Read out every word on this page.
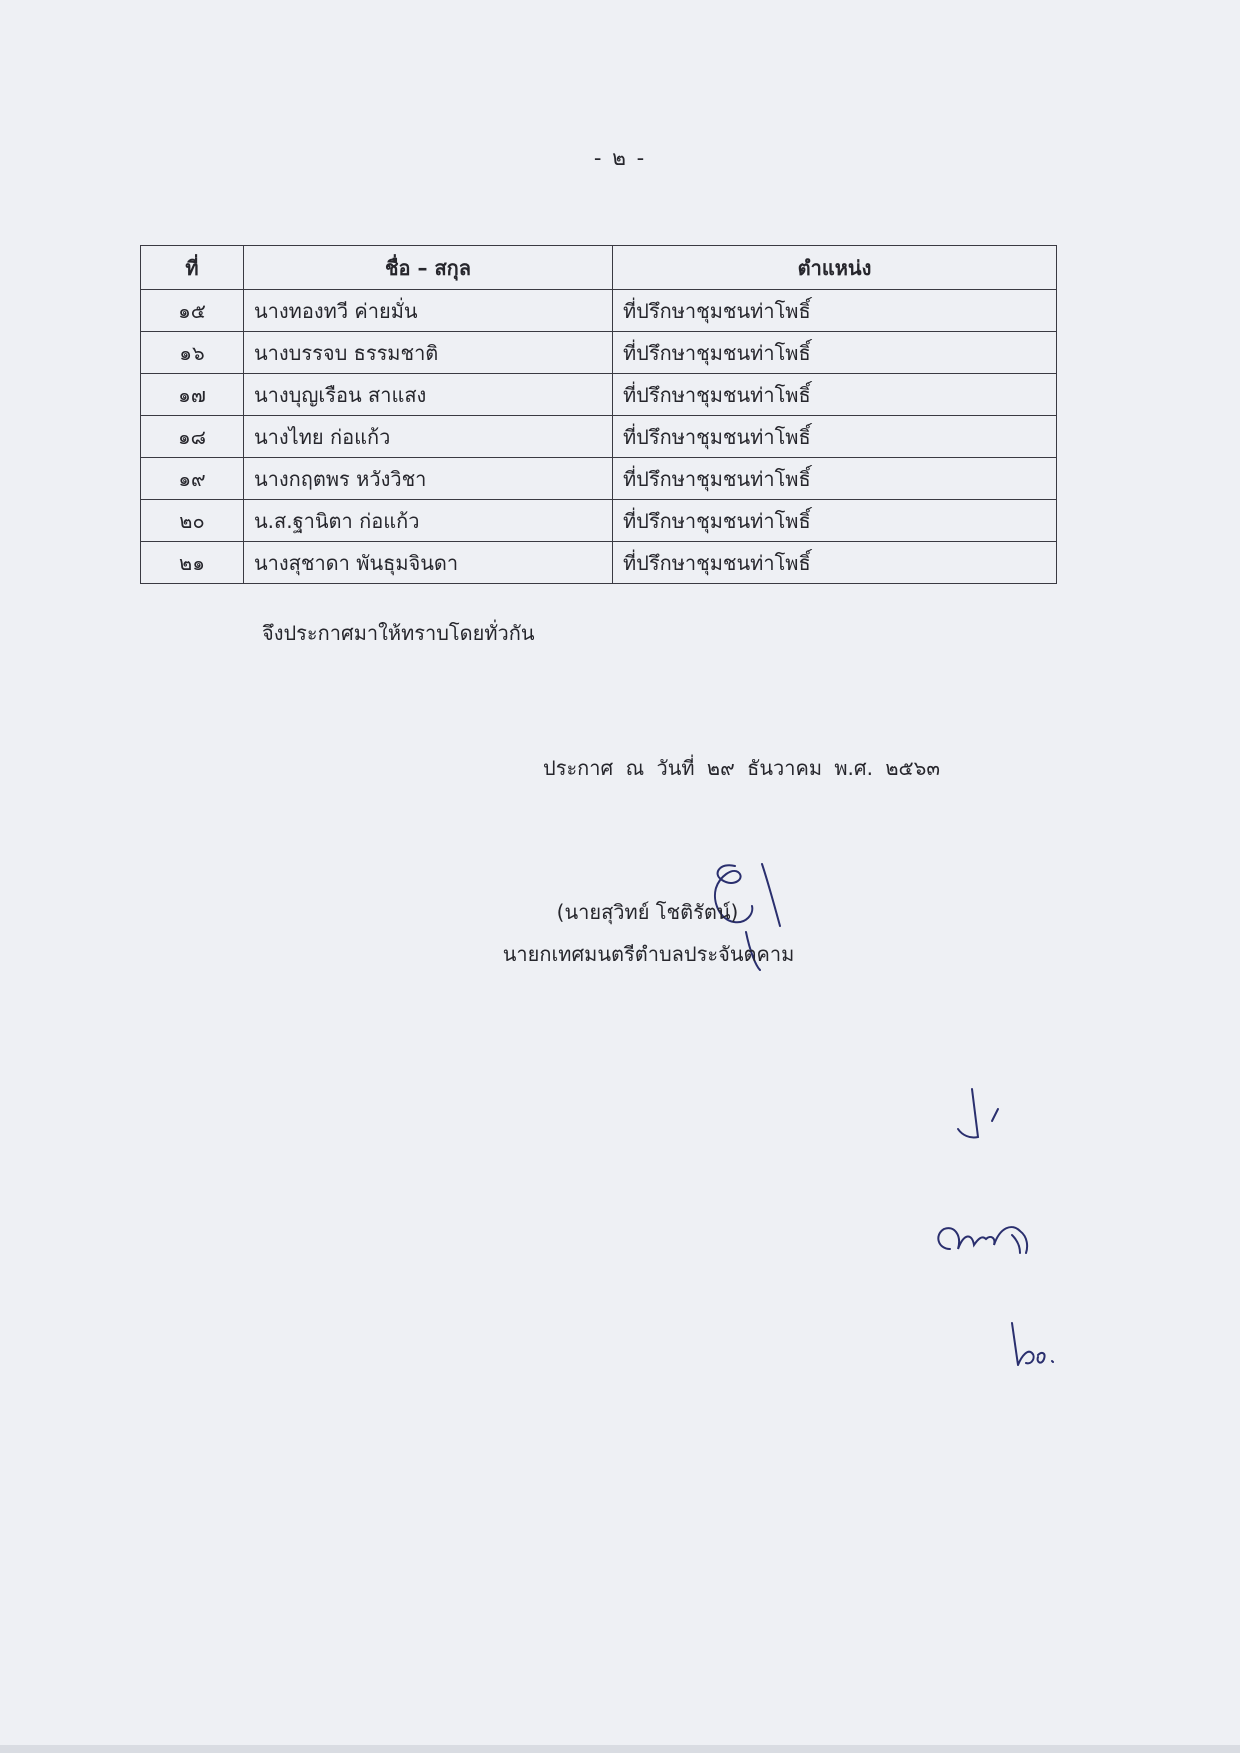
- ๒ -
ที่	ชื่อ – สกุล	ตำแหน่ง
๑๕	นางทองทวี ค่ายมั่น	ที่ปรึกษาชุมชนท่าโพธิ์
๑๖	นางบรรจบ ธรรมชาติ	ที่ปรึกษาชุมชนท่าโพธิ์
๑๗	นางบุญเรือน สาแสง	ที่ปรึกษาชุมชนท่าโพธิ์
๑๘	นางไทย ก่อแก้ว	ที่ปรึกษาชุมชนท่าโพธิ์
๑๙	นางกฤตพร หวังวิชา	ที่ปรึกษาชุมชนท่าโพธิ์
๒๐	น.ส.ฐานิตา ก่อแก้ว	ที่ปรึกษาชุมชนท่าโพธิ์
๒๑	นางสุชาดา พันธุมจินดา	ที่ปรึกษาชุมชนท่าโพธิ์
จึงประกาศมาให้ทราบโดยทั่วกัน
ประกาศ ณ วันที่ ๒๙ ธันวาคม พ.ศ. ๒๕๖๓
(นายสุวิทย์ โชติรัตน์)
นายกเทศมนตรีตำบลประจันตคาม
